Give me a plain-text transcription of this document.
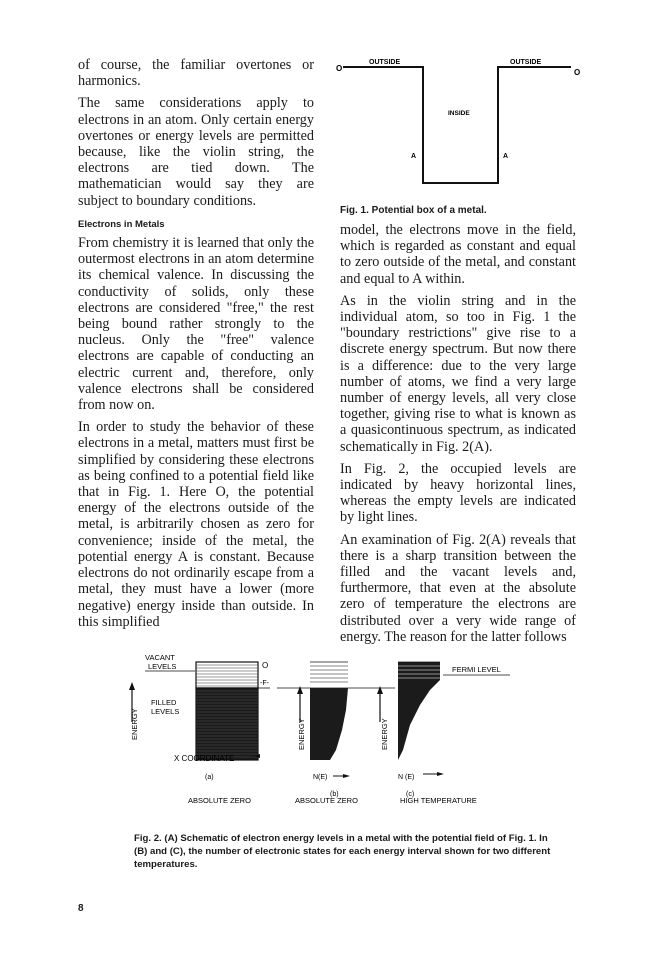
of course, the familiar overtones or harmonics.

The same considerations apply to electrons in an atom. Only certain energy overtones or energy levels are permitted because, like the violin string, the electrons are tied down. The mathematician would say they are subject to boundary conditions.

Electrons in Metals

From chemistry it is learned that only the outermost electrons in an atom determine its chemical valence. In discussing the conductivity of solids, only these electrons are considered "free," the rest being bound rather strongly to the nucleus. Only the "free" valence electrons are capable of conducting an electric current and, therefore, only valence electrons shall be considered from now on.

In order to study the behavior of these electrons in a metal, matters must first be simplified by considering these electrons as being confined to a potential field like that in Fig. 1. Here O, the potential energy of the electrons outside of the metal, is arbitrarily chosen as zero for convenience; inside of the metal, the potential energy A is constant. Because electrons do not ordinarily escape from a metal, they must have a lower (more negative) energy inside than outside. In this simplified

OUTSIDE	OUTSIDE
O	O
INSIDE
A	A
Fig. 1. Potential box of a metal.

model, the electrons move in the field, which is regarded as constant and equal to zero outside of the metal, and constant and equal to A within.

As in the violin string and in the individual atom, so too in Fig. 1 the "boundary restrictions" give rise to a discrete energy spectrum. But now there is a difference: due to the very large number of atoms, we find a very large number of energy levels, all very close together, giving rise to what is known as a quasicontinuous spectrum, as indicated schematically in Fig. 2(A).

In Fig. 2, the occupied levels are indicated by heavy horizontal lines, whereas the empty levels are indicated by light lines.

An examination of Fig. 2(A) reveals that there is a sharp transition between the filled and the vacant levels and, furthermore, that even at the absolute zero of temperature the electrons are distributed over a very wide range of energy. The reason for the latter follows

VACANT
LEVELS
FILLED
LEVELS
ENERGY
O
-F-
X COORDINATE
(a)
ABSOLUTE ZERO
ENERGY
N(E)
(b)
ABSOLUTE ZERO
ENERGY
FERMI LEVEL
N (E)
(c)
HIGH TEMPERATURE
Fig. 2. (A) Schematic of electron energy levels in a metal with the potential field of Fig. 1. In (B) and (C), the number of electronic states for each energy interval shown for two different temperatures.
8
